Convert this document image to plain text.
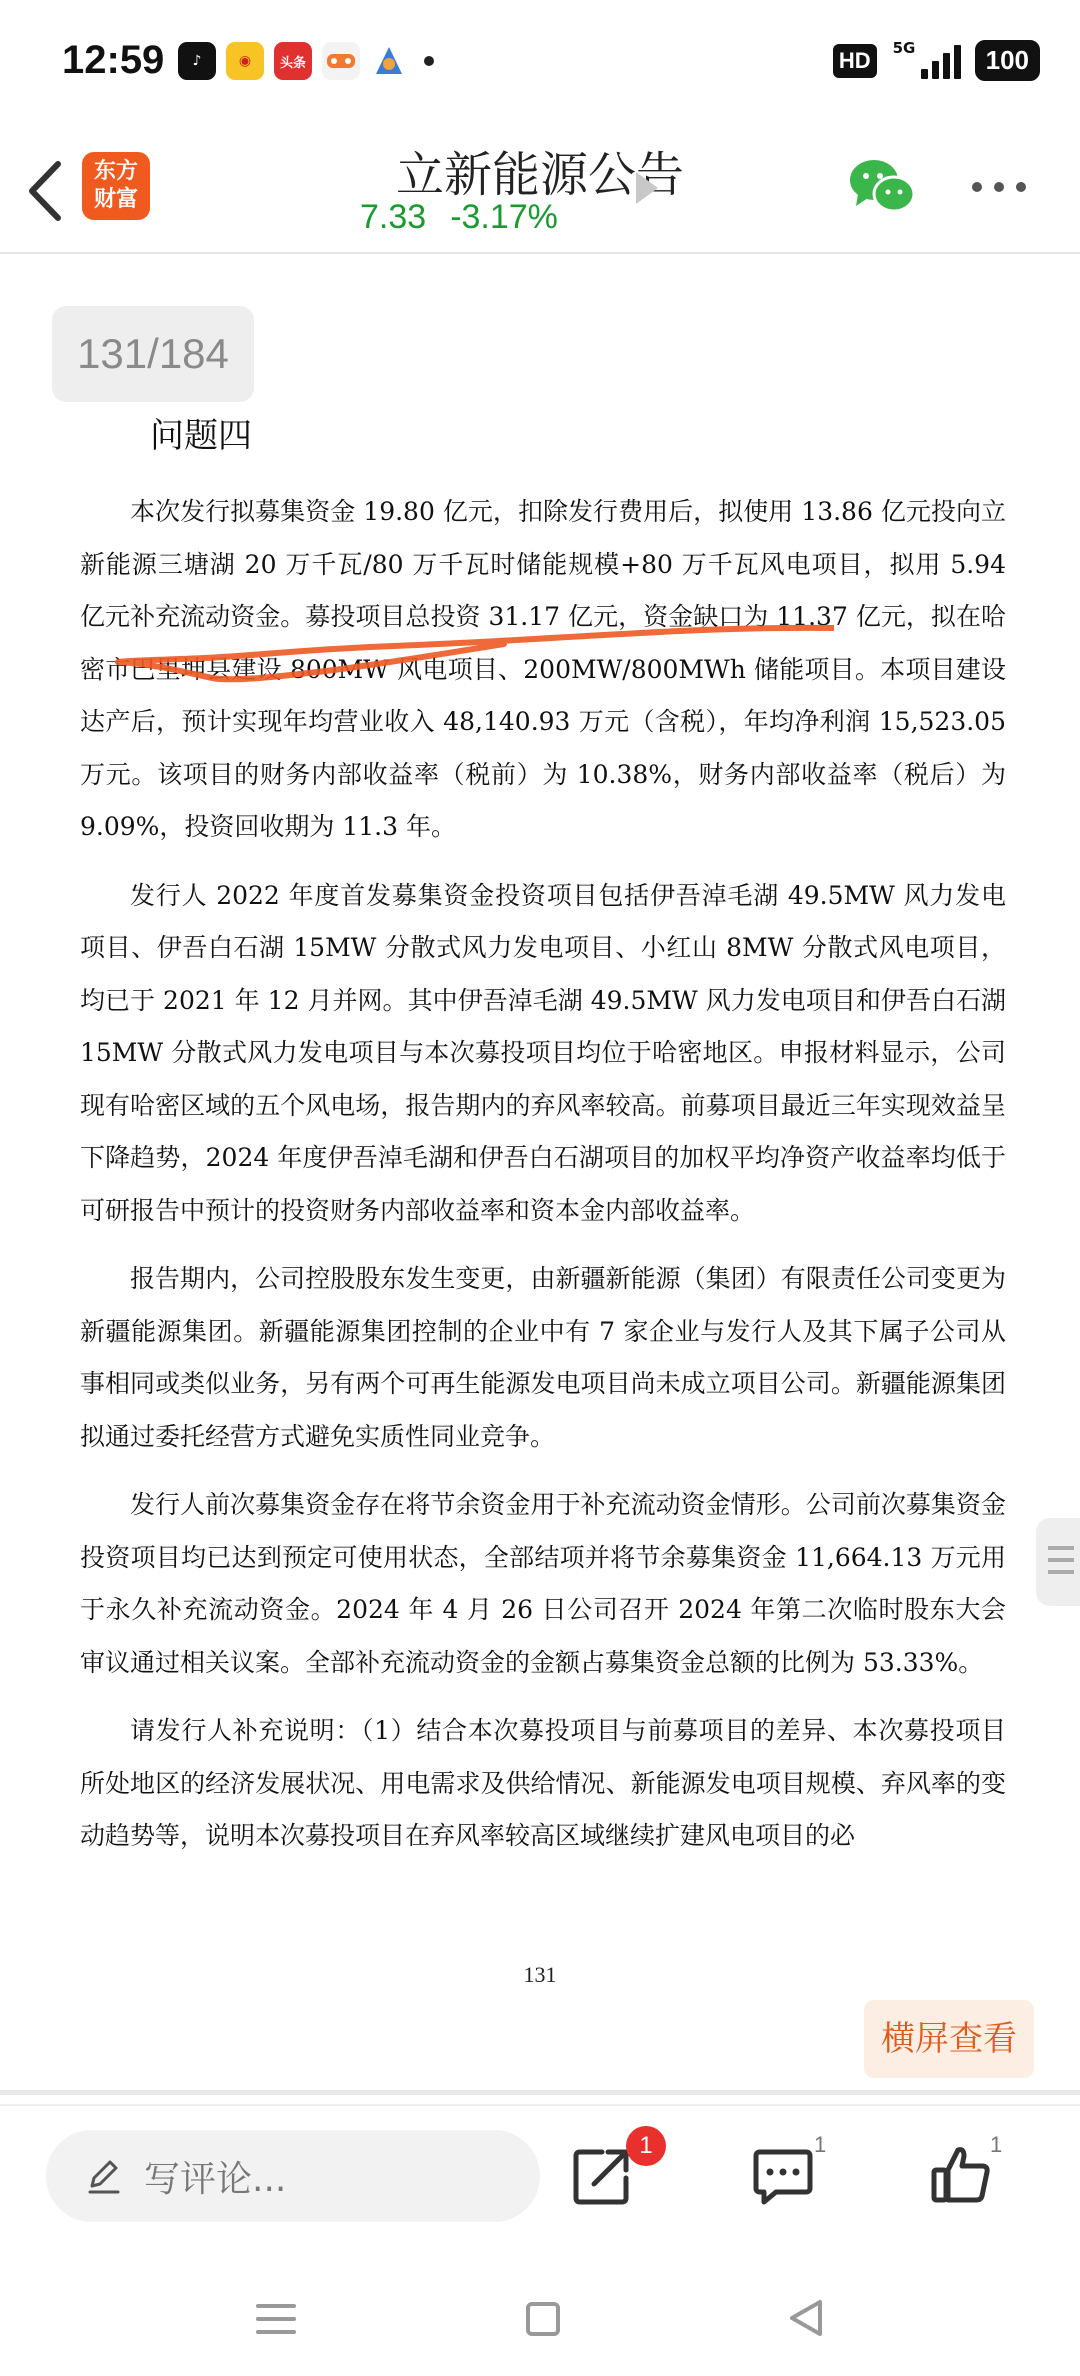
12:59	♪	◉	头条	HD	5G	100
东方
财富	立新能源公告
7.33 -3.17%
131/184
问题四

本次发行拟募集资金 19.80 亿元，扣除发行费用后，拟使用 13.86 亿元投向立新能源三塘湖 20 万千瓦/80 万千瓦时储能规模+80 万千瓦风电项目，拟用 5.94 亿元补充流动资金。募投项目总投资 31.17 亿元，资金缺口为 11.37 亿元，拟在哈密市巴里坤县建设 800MW 风电项目、200MW/800MWh 储能项目。本项目建设达产后，预计实现年均营业收入 48,140.93 万元（含税），年均净利润 15,523.05 万元。该项目的财务内部收益率（税前）为 10.38%，财务内部收益率（税后）为 9.09%，投资回收期为 11.3 年。

发行人 2022 年度首发募集资金投资项目包括伊吾淖毛湖 49.5MW 风力发电项目、伊吾白石湖 15MW 分散式风力发电项目、小红山 8MW 分散式风电项目，均已于 2021 年 12 月并网。其中伊吾淖毛湖 49.5MW 风力发电项目和伊吾白石湖 15MW 分散式风力发电项目与本次募投项目均位于哈密地区。申报材料显示，公司现有哈密区域的五个风电场，报告期内的弃风率较高。前募项目最近三年实现效益呈下降趋势，2024 年度伊吾淖毛湖和伊吾白石湖项目的加权平均净资产收益率均低于可研报告中预计的投资财务内部收益率和资本金内部收益率。

报告期内，公司控股股东发生变更，由新疆新能源（集团）有限责任公司变更为新疆能源集团。新疆能源集团控制的企业中有 7 家企业与发行人及其下属子公司从事相同或类似业务，另有两个可再生能源发电项目尚未成立项目公司。新疆能源集团拟通过委托经营方式避免实质性同业竞争。

发行人前次募集资金存在将节余资金用于补充流动资金情形。公司前次募集资金投资项目均已达到预定可使用状态，全部结项并将节余募集资金 11,664.13 万元用于永久补充流动资金。2024 年 4 月 26 日公司召开 2024 年第二次临时股东大会审议通过相关议案。全部补充流动资金的金额占募集资金总额的比例为 53.33%。

请发行人补充说明：（1）结合本次募投项目与前募项目的差异、本次募投项目所处地区的经济发展状况、用电需求及供给情况、新能源发电项目规模、弃风率的变动趋势等，说明本次募投项目在弃风率较高区域继续扩建风电项目的必

131
横屏查看
写评论...
1	1	1
